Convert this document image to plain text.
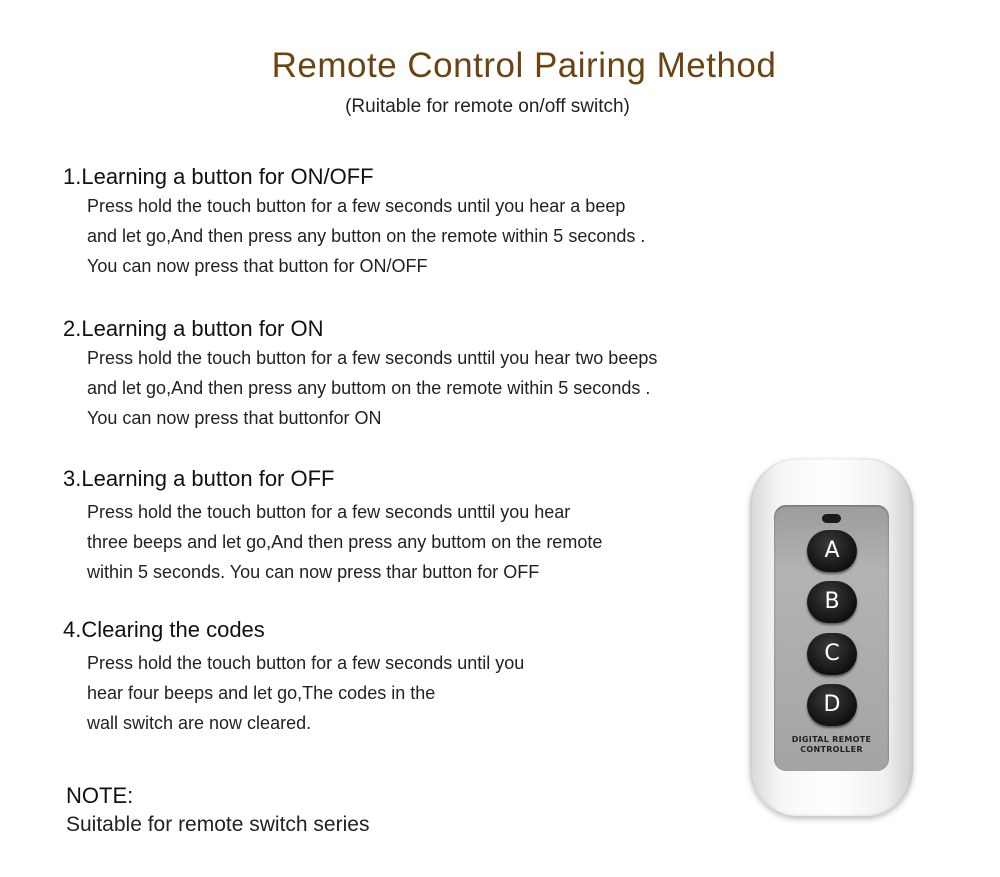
Remote Control Pairing Method
(Ruitable for remote on/off switch)
1.Learning a button for ON/OFF

Press hold the touch button for a few seconds until you hear a beep

and let go,And then press any button on the remote within 5 seconds .

You can now press that button for ON/OFF

2.Learning a button for ON

Press hold the touch button for a few seconds unttil you hear two beeps

and let go,And then press any buttom on the remote within 5 seconds .

You can now press that buttonfor ON

3.Learning a button for OFF

Press hold the touch button for a few seconds unttil you hear

three beeps and let go,And then press any buttom on the remote

within 5 seconds. You can now press thar button for OFF

4.Clearing the codes

Press hold the touch button for a few seconds until you

hear four beeps and let go,The codes in the

wall switch are now cleared.

NOTE:
Suitable for remote switch series
A
B
C
D
DIGITAL REMOTE
CONTROLLER
